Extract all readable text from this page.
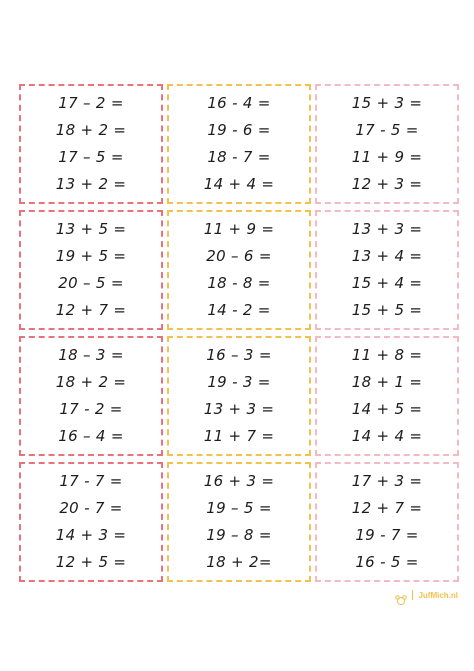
17 – 2 =
18 + 2 =
17 – 5 =
13 + 2 =
16 - 4 =
19 - 6 =
18 - 7 =
14 + 4 =
15 + 3 =
17 - 5 =
11 + 9 =
12 + 3 =
13 + 5 =
19 + 5 =
20 – 5 =
12 + 7 =
11 + 9 =
20 – 6 =
18 - 8 =
14 - 2 =
13 + 3 =
13 + 4 =
15 + 4 =
15 + 5 =
18 – 3 =
18 + 2 =
17 - 2 =
16 – 4 =
16 – 3 =
19 - 3 =
13 + 3 =
11 + 7 =
11 + 8 =
18 + 1 =
14 + 5 =
14 + 4 =
17 - 7 =
20 - 7 =
14 + 3 =
12 + 5 =
16 + 3 =
19 – 5 =
19 – 8 =
18 + 2=
17 + 3 =
12 + 7 =
19 - 7 =
16 - 5 =
JufMich.nl
